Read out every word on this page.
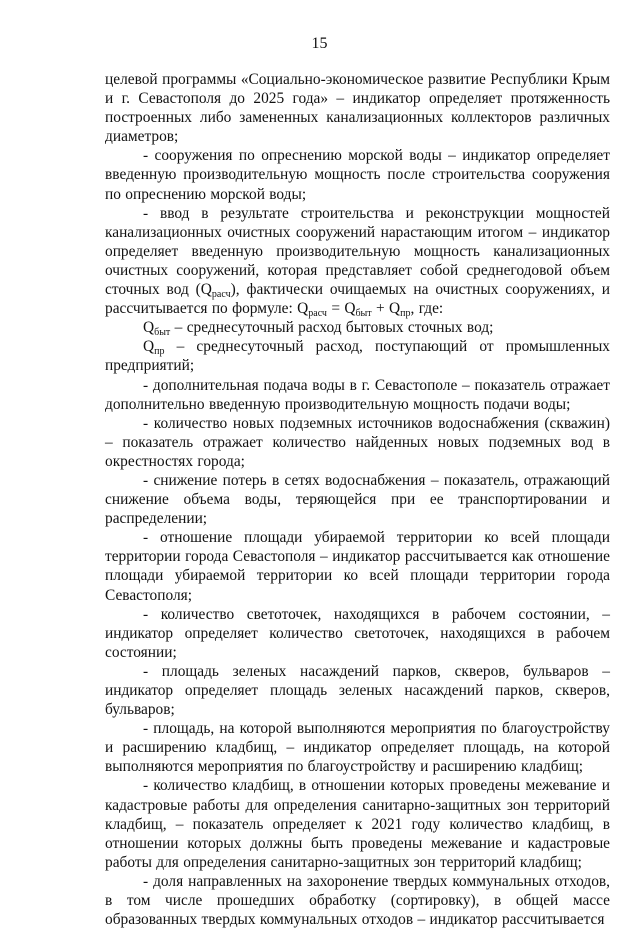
15

целевой программы «Социально-экономическое развитие Республики Крым и г. Севастополя до 2025 года» – индикатор определяет протяженность построенных либо замененных канализационных коллекторов различных диаметров;

- сооружения по опреснению морской воды – индикатор определяет введенную производительную мощность после строительства сооружения по опреснению морской воды;

- ввод в результате строительства и реконструкции мощностей канализационных очистных сооружений нарастающим итогом – индикатор определяет введенную производительную мощность канализационных очистных сооружений, которая представляет собой среднегодовой объем сточных вод $(Q_{расч})$, фактически очищаемых на очистных сооружениях, и рассчитывается по формуле: $Q_{расч} = Q_{быт} + Q_{пр}$, где:

$Q_{быт}$ – среднесуточный расход бытовых сточных вод;

$Q_{пр}$ – среднесуточный расход, поступающий от промышленных предприятий;

- дополнительная подача воды в г. Севастополе – показатель отражает дополнительно введенную производительную мощность подачи воды;

- количество новых подземных источников водоснабжения (скважин) – показатель отражает количество найденных новых подземных вод в окрестностях города;

- снижение потерь в сетях водоснабжения – показатель, отражающий снижение объема воды, теряющейся при ее транспортировании и распределении;

- отношение площади убираемой территории ко всей площади территории города Севастополя – индикатор рассчитывается как отношение площади убираемой территории ко всей площади территории города Севастополя;

- количество светоточек, находящихся в рабочем состоянии, – индикатор определяет количество светоточек, находящихся в рабочем состоянии;

- площадь зеленых насаждений парков, скверов, бульваров – индикатор определяет площадь зеленых насаждений парков, скверов, бульваров;

- площадь, на которой выполняются мероприятия по благоустройству и расширению кладбищ, – индикатор определяет площадь, на которой выполняются мероприятия по благоустройству и расширению кладбищ;

- количество кладбищ, в отношении которых проведены межевание и кадастровые работы для определения санитарно-защитных зон территорий кладбищ, – показатель определяет к 2021 году количество кладбищ, в отношении которых должны быть проведены межевание и кадастровые работы для определения санитарно-защитных зон территорий кладбищ;

- доля направленных на захоронение твердых коммунальных отходов, в том числе прошедших обработку (сортировку), в общей массе образованных твердых коммунальных отходов – индикатор рассчитывается
